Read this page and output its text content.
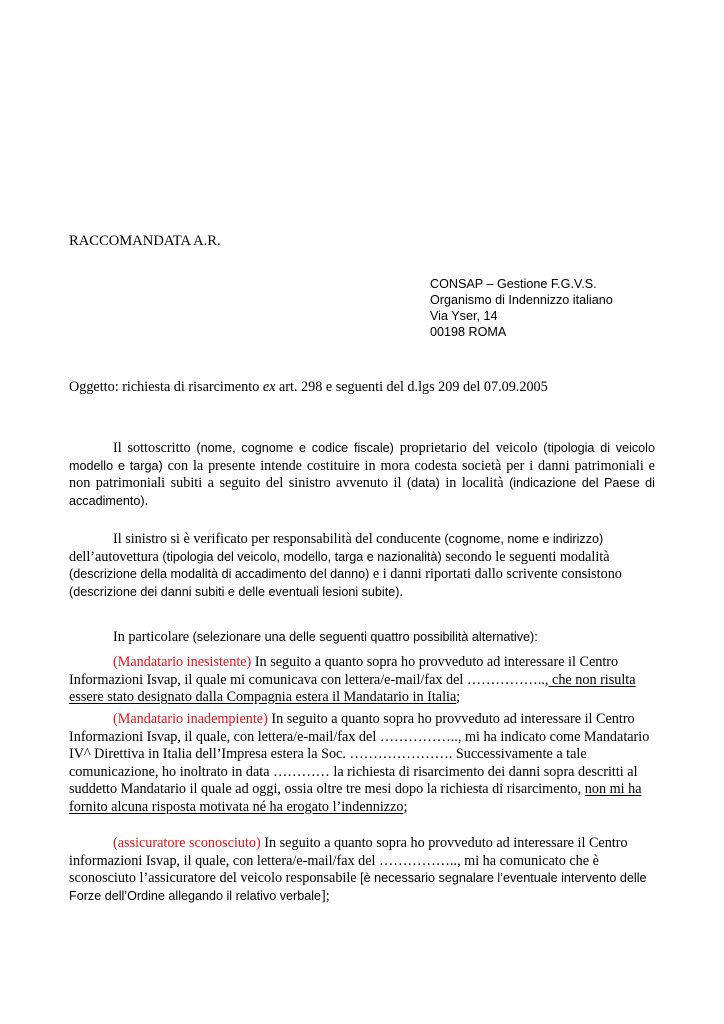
RACCOMANDATA A.R.
CONSAP – Gestione F.G.V.S.
Organismo di Indennizzo italiano
Via Yser, 14
00198 ROMA
Oggetto: richiesta di risarcimento ex art. 298 e seguenti del d.lgs 209 del 07.09.2005

Il sottoscritto (nome, cognome e codice fiscale) proprietario del veicolo (tipologia di veicolo modello e targa) con la presente intende costituire in mora codesta società per i danni patrimoniali e non patrimoniali subiti a seguito del sinistro avvenuto il (data) in località (indicazione del Paese di accadimento).

Il sinistro si è verificato per responsabilità del conducente (cognome, nome e indirizzo) dell’autovettura (tipologia del veicolo, modello, targa e nazionalità) secondo le seguenti modalità (descrizione della modalità di accadimento del danno) e i danni riportati dallo scrivente consistono (descrizione dei danni subiti e delle eventuali lesioni subite).

In particolare (selezionare una delle seguenti quattro possibilità alternative):

(Mandatario inesistente) In seguito a quanto sopra ho provveduto ad interessare il Centro Informazioni Isvap, il quale mi comunicava con lettera/e-mail/fax del …………….., che non risulta essere stato designato dalla Compagnia estera il Mandatario in Italia;

(Mandatario inadempiente) In seguito a quanto sopra ho provveduto ad interessare il Centro Informazioni Isvap, il quale, con lettera/e-mail/fax del …………….., mi ha indicato come Mandatario IV^ Direttiva in Italia dell’Impresa estera la Soc. …………………. Successivamente a tale comunicazione, ho inoltrato in data ………… la richiesta di risarcimento dei danni sopra descritti al suddetto Mandatario il quale ad oggi, ossia oltre tre mesi dopo la richiesta di risarcimento, non mi ha fornito alcuna risposta motivata né ha erogato l’indennizzo;

(assicuratore sconosciuto) In seguito a quanto sopra ho provveduto ad interessare il Centro informazioni Isvap, il quale, con lettera/e-mail/fax del …………….., mi ha comunicato che è sconosciuto l’assicuratore del veicolo responsabile [è necessario segnalare l’eventuale intervento delle Forze dell’Ordine allegando il relativo verbale];
